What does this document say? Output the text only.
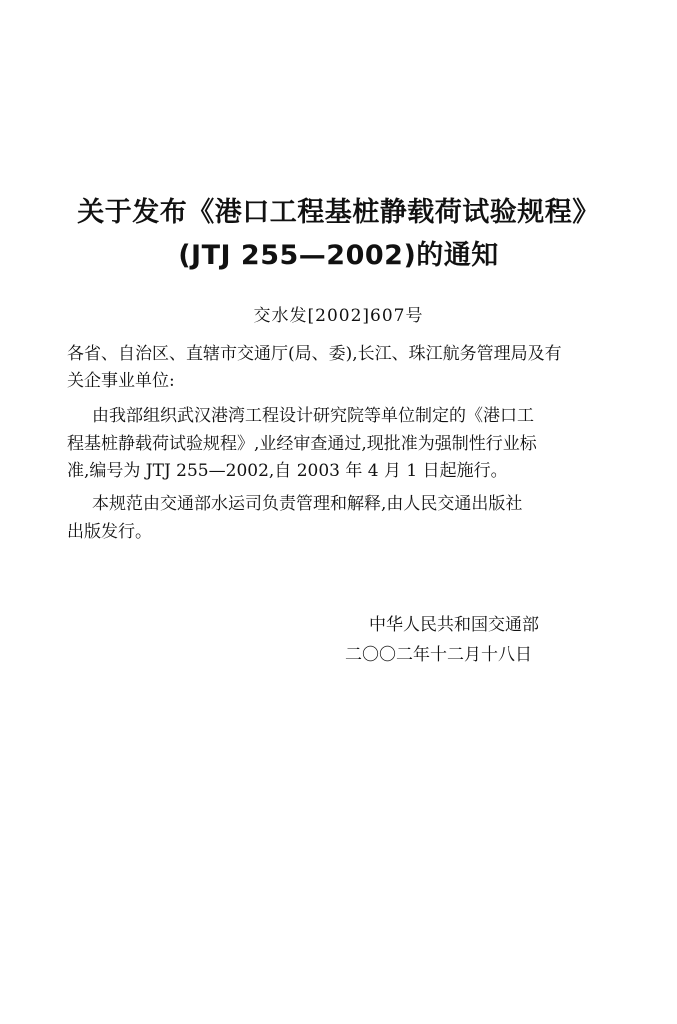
关于发布《港口工程基桩静载荷试验规程》
(JTJ 255—2002)的通知
交水发[2002]607号
各省、自治区、直辖市交通厅(局、委),长江、珠江航务管理局及有
关企事业单位:
由我部组织武汉港湾工程设计研究院等单位制定的《港口工
程基桩静载荷试验规程》,业经审查通过,现批准为强制性行业标
准,编号为 JTJ 255—2002,自 2003 年 4 月 1 日起施行。
本规范由交通部水运司负责管理和解释,由人民交通出版社
出版发行。
中华人民共和国交通部
二〇〇二年十二月十八日
